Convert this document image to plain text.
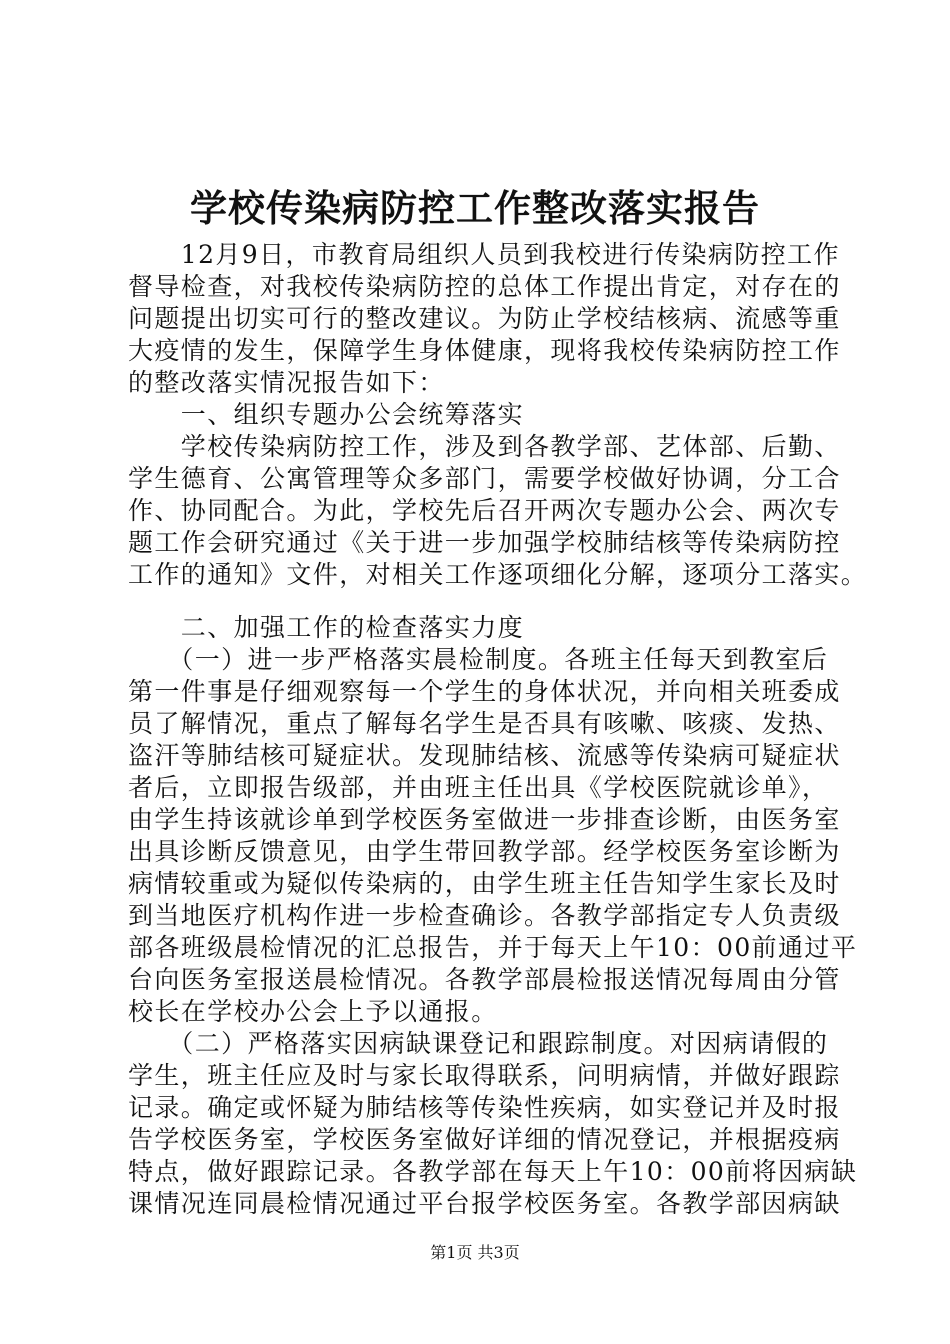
学校传染病防控工作整改落实报告
　　12月9日，市教育局组织人员到我校进行传染病防控工作
督导检查，对我校传染病防控的总体工作提出肯定，对存在的
问题提出切实可行的整改建议。为防止学校结核病、流感等重
大疫情的发生，保障学生身体健康，现将我校传染病防控工作
的整改落实情况报告如下：
　　一、组织专题办公会统筹落实
　　学校传染病防控工作，涉及到各教学部、艺体部、后勤、
学生德育、公寓管理等众多部门，需要学校做好协调，分工合
作、协同配合。为此，学校先后召开两次专题办公会、两次专
题工作会研究通过《关于进一步加强学校肺结核等传染病防控
工作的通知》文件，对相关工作逐项细化分解，逐项分工落实。
　　二、加强工作的检查落实力度
　　（一）进一步严格落实晨检制度。各班主任每天到教室后
第一件事是仔细观察每一个学生的身体状况，并向相关班委成
员了解情况，重点了解每名学生是否具有咳嗽、咳痰、发热、
盗汗等肺结核可疑症状。发现肺结核、流感等传染病可疑症状
者后，立即报告级部，并由班主任出具《学校医院就诊单》，
由学生持该就诊单到学校医务室做进一步排查诊断，由医务室
出具诊断反馈意见，由学生带回教学部。经学校医务室诊断为
病情较重或为疑似传染病的，由学生班主任告知学生家长及时
到当地医疗机构作进一步检查确诊。各教学部指定专人负责级
部各班级晨检情况的汇总报告，并于每天上午10：00前通过平
台向医务室报送晨检情况。各教学部晨检报送情况每周由分管
校长在学校办公会上予以通报。
　　（二）严格落实因病缺课登记和跟踪制度。对因病请假的
学生，班主任应及时与家长取得联系，问明病情，并做好跟踪
记录。确定或怀疑为肺结核等传染性疾病，如实登记并及时报
告学校医务室，学校医务室做好详细的情况登记，并根据疫病
特点，做好跟踪记录。各教学部在每天上午10：00前将因病缺
课情况连同晨检情况通过平台报学校医务室。各教学部因病缺
第1页 共3页
